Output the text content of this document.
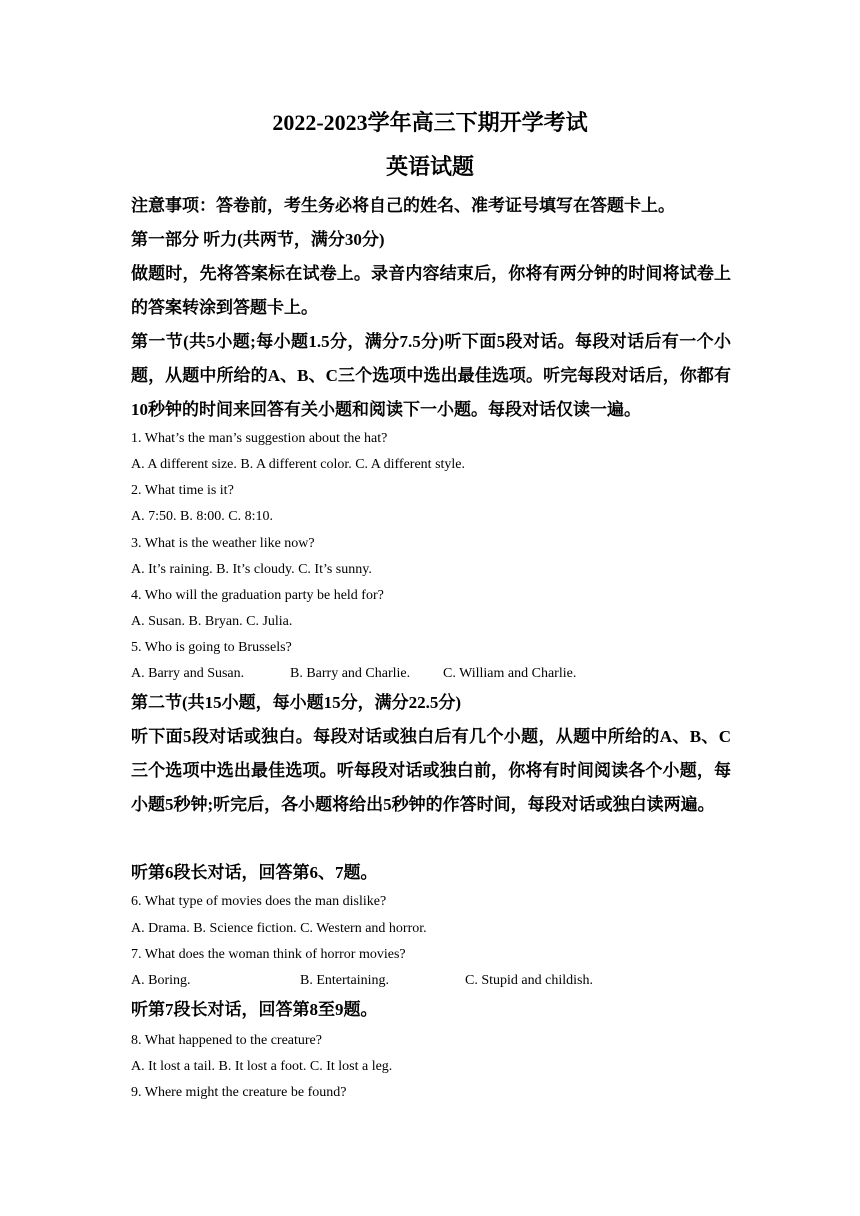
2022-2023学年高三下期开学考试
英语试题
注意事项：答卷前，考生务必将自己的姓名、准考证号填写在答题卡上。
第一部分 听力(共两节，满分30分)
做题时，先将答案标在试卷上。录音内容结束后，你将有两分钟的时间将试卷上的答案转涂到答题卡上。
第一节(共5小题;每小题1.5分，满分7.5分)听下面5段对话。每段对话后有一个小题，从题中所给的A、B、C三个选项中选出最佳选项。听完每段对话后，你都有10秒钟的时间来回答有关小题和阅读下一小题。每段对话仅读一遍。
1. What’s the man’s suggestion about the hat?
A. A different size. B. A different color. C. A different style.
2. What time is it?
A. 7:50. B. 8:00. C. 8:10.
3. What is the weather like now?
A. It’s raining. B. It’s cloudy. C. It’s sunny.
4. Who will the graduation party be held for?
A. Susan. B. Bryan. C. Julia.
5. Who is going to Brussels?
A. Barry and Susan.	B. Barry and Charlie. C. William and Charlie.
第二节(共15小题，每小题15分，满分22.5分)
听下面5段对话或独白。每段对话或独白后有几个小题，从题中所给的A、B、C三个选项中选出最佳选项。听每段对话或独白前，你将有时间阅读各个小题，每小题5秒钟;听完后，各小题将给出5秒钟的作答时间，每段对话或独白读两遍。
听第6段长对话，回答第6、7题。
6. What type of movies does the man dislike?
A. Drama. B. Science fiction. C. Western and horror.
7. What does the woman think of horror movies?
A. Boring.	B. Entertaining.	C. Stupid and childish.
听第7段长对话，回答第8至9题。
8. What happened to the creature?
A. It lost a tail. B. It lost a foot. C. It lost a leg.
9. Where might the creature be found?
